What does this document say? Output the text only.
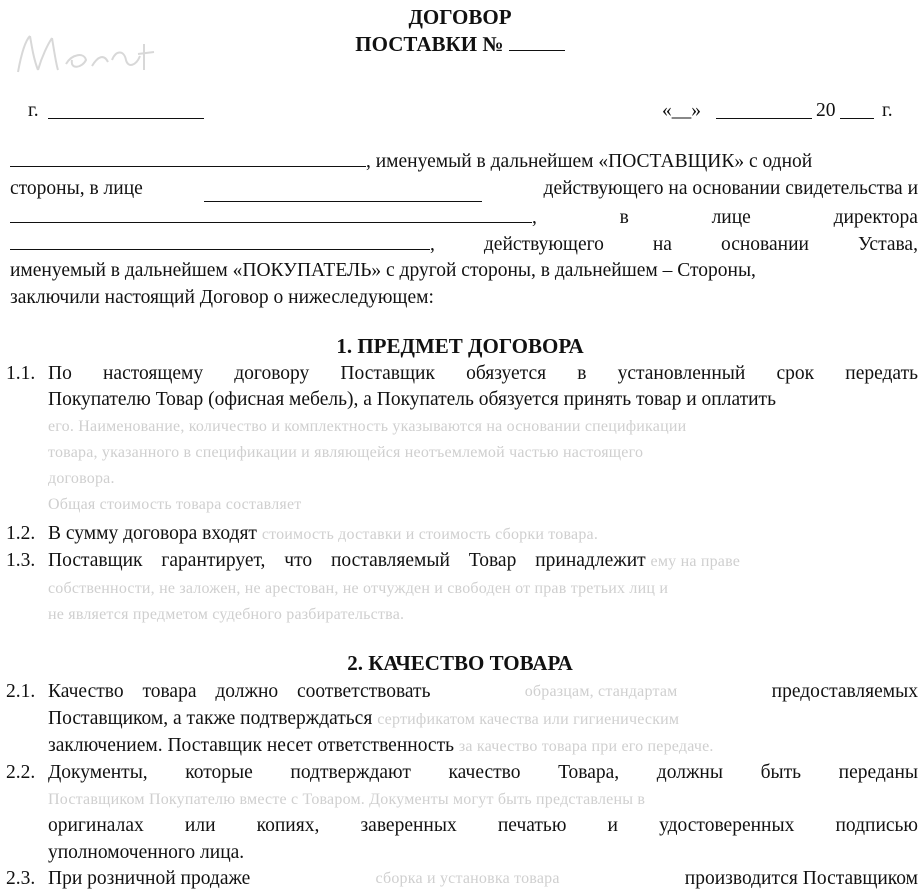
ДОГОВОР
ПОСТАВКИ №
г.	«__»	20 г.
, именуемый в дальнейшем «ПОСТАВЩИК» с одной
стороны, в лице	действующего на основании свидетельства и
,	в	лице	директора
,	действующего	на	основании	Устава,
именуемый в дальнейшем «ПОКУПАТЕЛЬ» с другой стороны, в дальнейшем – Стороны,
заключили настоящий Договор о нижеследующем:
1. ПРЕДМЕТ ДОГОВОРА
1.1. По настоящему договору Поставщик обязуется в установленный срок передать
Покупателю Товар (офисная мебель), а Покупатель обязуется принять товар и оплатить
его. Наименование, количество и комплектность указываются на основании спецификации
товара, указанного в спецификации и являющейся неотъемлемой частью настоящего
договора.
Общая стоимость товара составляет
1.2. В сумму договора входят стоимость доставки и стоимость сборки товара.
1.3. Поставщик гарантирует, что поставляемый Товар принадлежит ему на праве
собственности, не заложен, не арестован, не отчужден и свободен от прав третьих лиц и
не является предметом судебного разбирательства.
2. КАЧЕСТВО ТОВАРА
2.1. Качество товара должно соответствовать	образцам, стандартам	предоставляемых
Поставщиком, а также подтверждаться сертификатом качества или гигиеническим
заключением. Поставщик несет ответственность за качество товара при его передаче.
2.2. Документы, которые подтверждают качество Товара, должны быть переданы
Поставщиком Покупателю вместе с Товаром. Документы могут быть представлены в
оригиналах или копиях, заверенных печатью и удостоверенных подписью
уполномоченного лица.
2.3. При розничной продаже	сборка и установка товара	производится Поставщиком
